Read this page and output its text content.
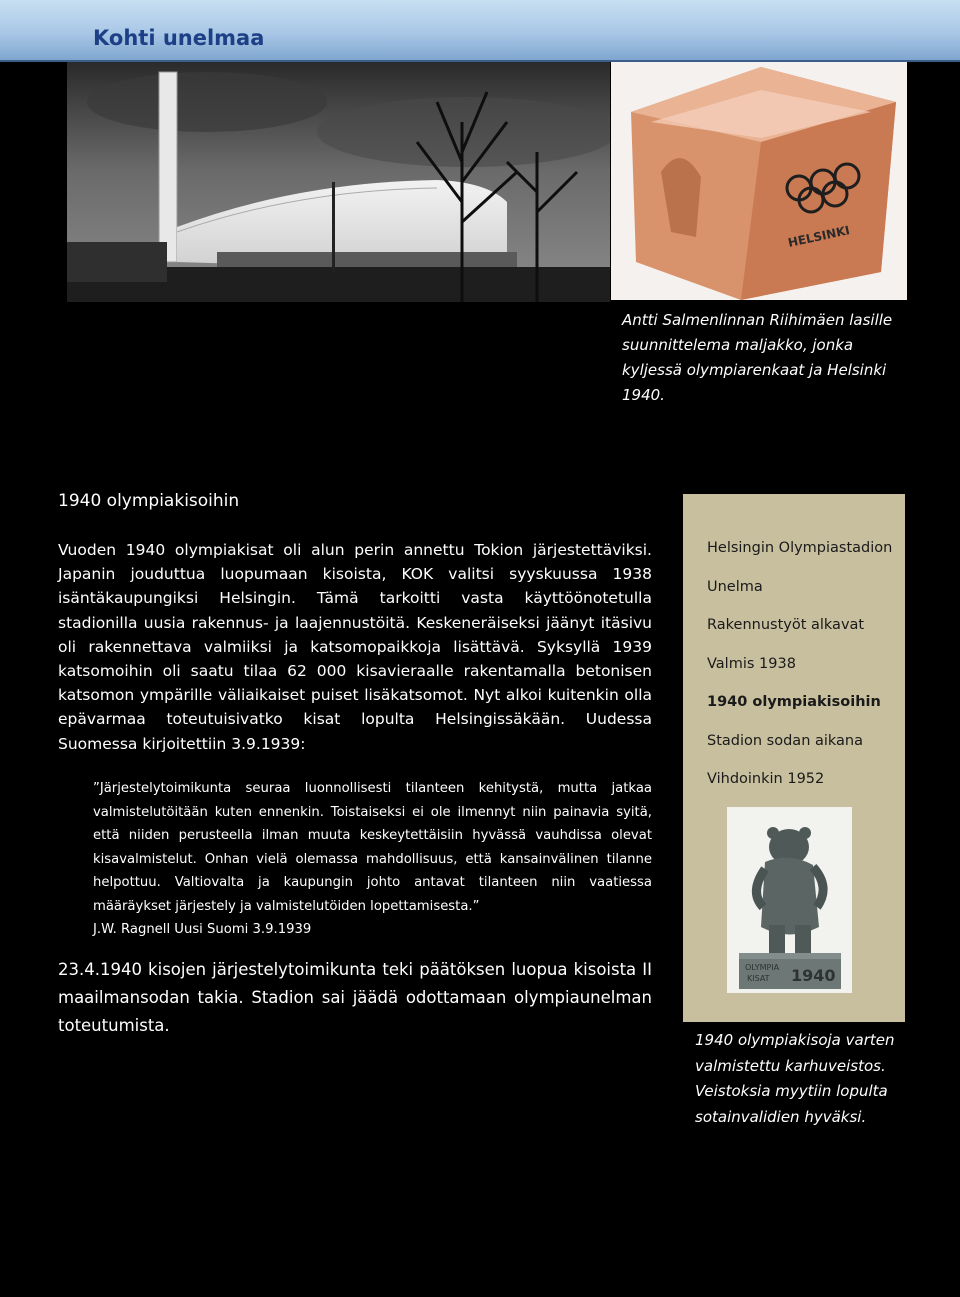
Kohti unelmaa
HELSINKI
Antti Salmenlinnan Riihimäen lasille suunnittelema maljakko, jonka kyljessä olympiarenkaat ja Helsinki 1940.
1940 olympiakisoihin
Vuoden 1940 olympiakisat oli alun perin annettu Tokion järjestettäviksi. Japanin jouduttua luopumaan kisoista, KOK valitsi syyskuussa 1938 isäntäkaupungiksi Helsingin. Tämä tarkoitti vasta käyttöönotetulla stadionilla uusia rakennus- ja laajennustöitä. Keskeneräiseksi jäänyt itäsivu oli rakennettava valmiiksi ja katsomopaikkoja lisättävä. Syksyllä 1939 katsomoihin oli saatu tilaa 62 000 kisavieraalle rakentamalla betonisen katsomon ympärille väliaikaiset puiset lisäkatsomot. Nyt alkoi kuitenkin olla epävarmaa toteutuisivatko kisat lopulta Helsingissäkään. Uudessa Suomessa kirjoitettiin 3.9.1939:
”Järjestelytoimikunta seuraa luonnollisesti tilanteen kehitystä, mutta jatkaa valmistelutöitään kuten ennenkin. Toistaiseksi ei ole ilmennyt niin painavia syitä, että niiden perusteella ilman muuta keskeytettäisiin hyvässä vauhdissa olevat kisavalmistelut. Onhan vielä olemassa mahdollisuus, että kansainvälinen tilanne helpottuu. Valtiovalta ja kaupungin johto antavat tilanteen niin vaatiessa määräykset järjestely ja valmistelutöiden lopettamisesta.”
J.W. Ragnell Uusi Suomi 3.9.1939
23.4.1940 kisojen järjestelytoimikunta teki päätöksen luopua kisoista II maailmansodan takia. Stadion sai jäädä odottamaan olympiaunelman toteutumista.
Helsingin Olympiastadion
Unelma
Rakennustyöt alkavat
Valmis 1938
1940 olympiakisoihin
Stadion sodan aikana
Vihdoinkin 1952
OLYMPIA
KISAT 1940
1940 olympiakisoja varten valmistettu karhuveistos. Veistoksia myytiin lopulta sotainvalidien hyväksi.
